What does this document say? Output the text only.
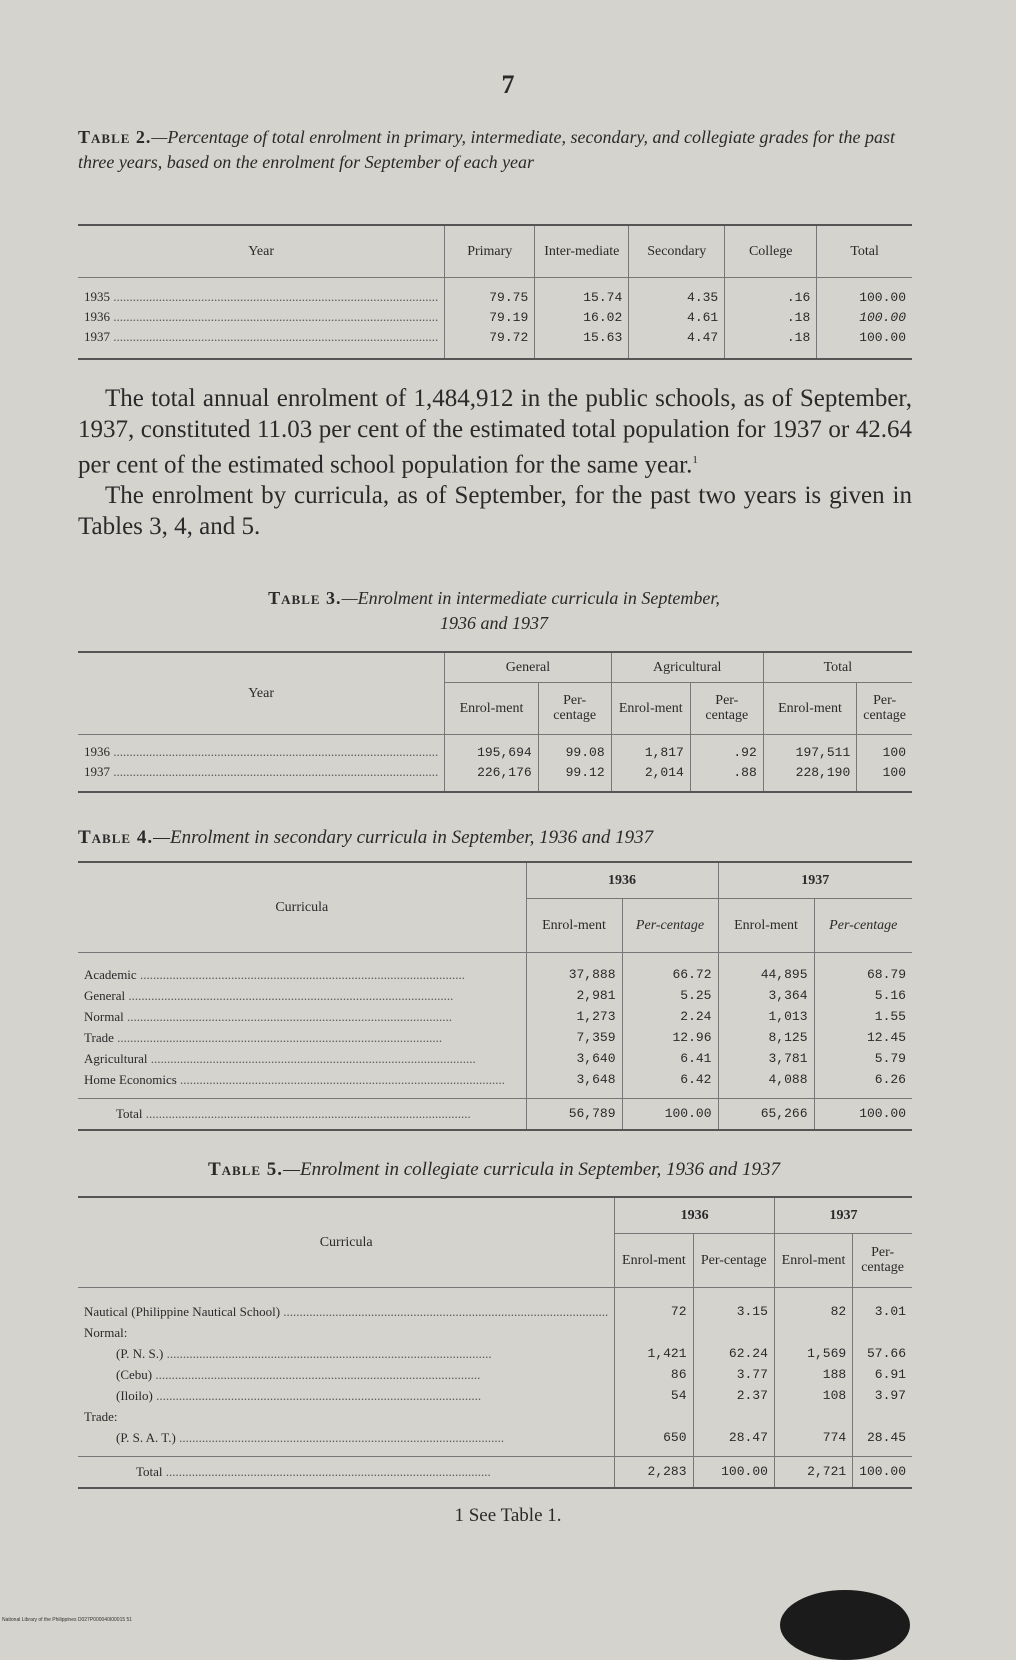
7
Table 2.—Percentage of total enrolment in primary, intermediate, secondary, and collegiate grades for the past three years, based on the enrolment for September of each year
Year	Primary	Inter-mediate	Secondary	College	Total

1935 .....	79.75	15.74	4.35	.16	100.00
1936 .....	79.19	16.02	4.61	.18	100.00
1937 .....	79.72	15.63	4.47	.18	100.00

The total annual enrolment of 1,484,912 in the public schools, as of September, 1937, constituted 11.03 per cent of the estimated total population for 1937 or 42.64 per cent of the estimated school population for the same year.$^1$

The enrolment by curricula, as of September, for the past two years is given in Tables 3, 4, and 5.

Table 3.—Enrolment in intermediate curricula in September,
1936 and 1937
Year	General		Agricultural		Total	
	Enrol-ment	Per-centage	Enrol-ment	Per-centage	Enrol-ment	Per-centage

1936 .....	195,694	99.08	1,817	.92	197,511	100
1937 .....	226,176	99.12	2,014	.88	228,190	100

Table 4.—Enrolment in secondary curricula in September, 1936 and 1937
Curricula	1936		1937	
	Enrol-ment	Per-centage	Enrol-ment	Per-centage

Academic .....	37,888	66.72	44,895	68.79
General .....	2,981	5.25	3,364	5.16
Normal .....	1,273	2.24	1,013	1.55
Trade .....	7,359	12.96	8,125	12.45
Agricultural .....	3,640	6.41	3,781	5.79
Home Economics .....	3,648	6.42	4,088	6.26

Total .....	56,789	100.00	65,266	100.00
Table 5.—Enrolment in collegiate curricula in September, 1936 and 1937
Curricula	1936		1937	
	Enrol-ment	Per-centage	Enrol-ment	Per-centage

Nautical (Philippine Nautical School) .....	72	3.15	82	3.01
Normal:				
(P. N. S.) .....	1,421	62.24	1,569	57.66
(Cebu) .....	86	3.77	188	6.91
(Iloilo) .....	54	2.37	108	3.97
Trade:				
(P. S. A. T.) .....	650	28.47	774	28.45

Total .....	2,283	100.00	2,721	100.00
1 See Table 1.
National Library of the Philippines D027P000040I00015 51
